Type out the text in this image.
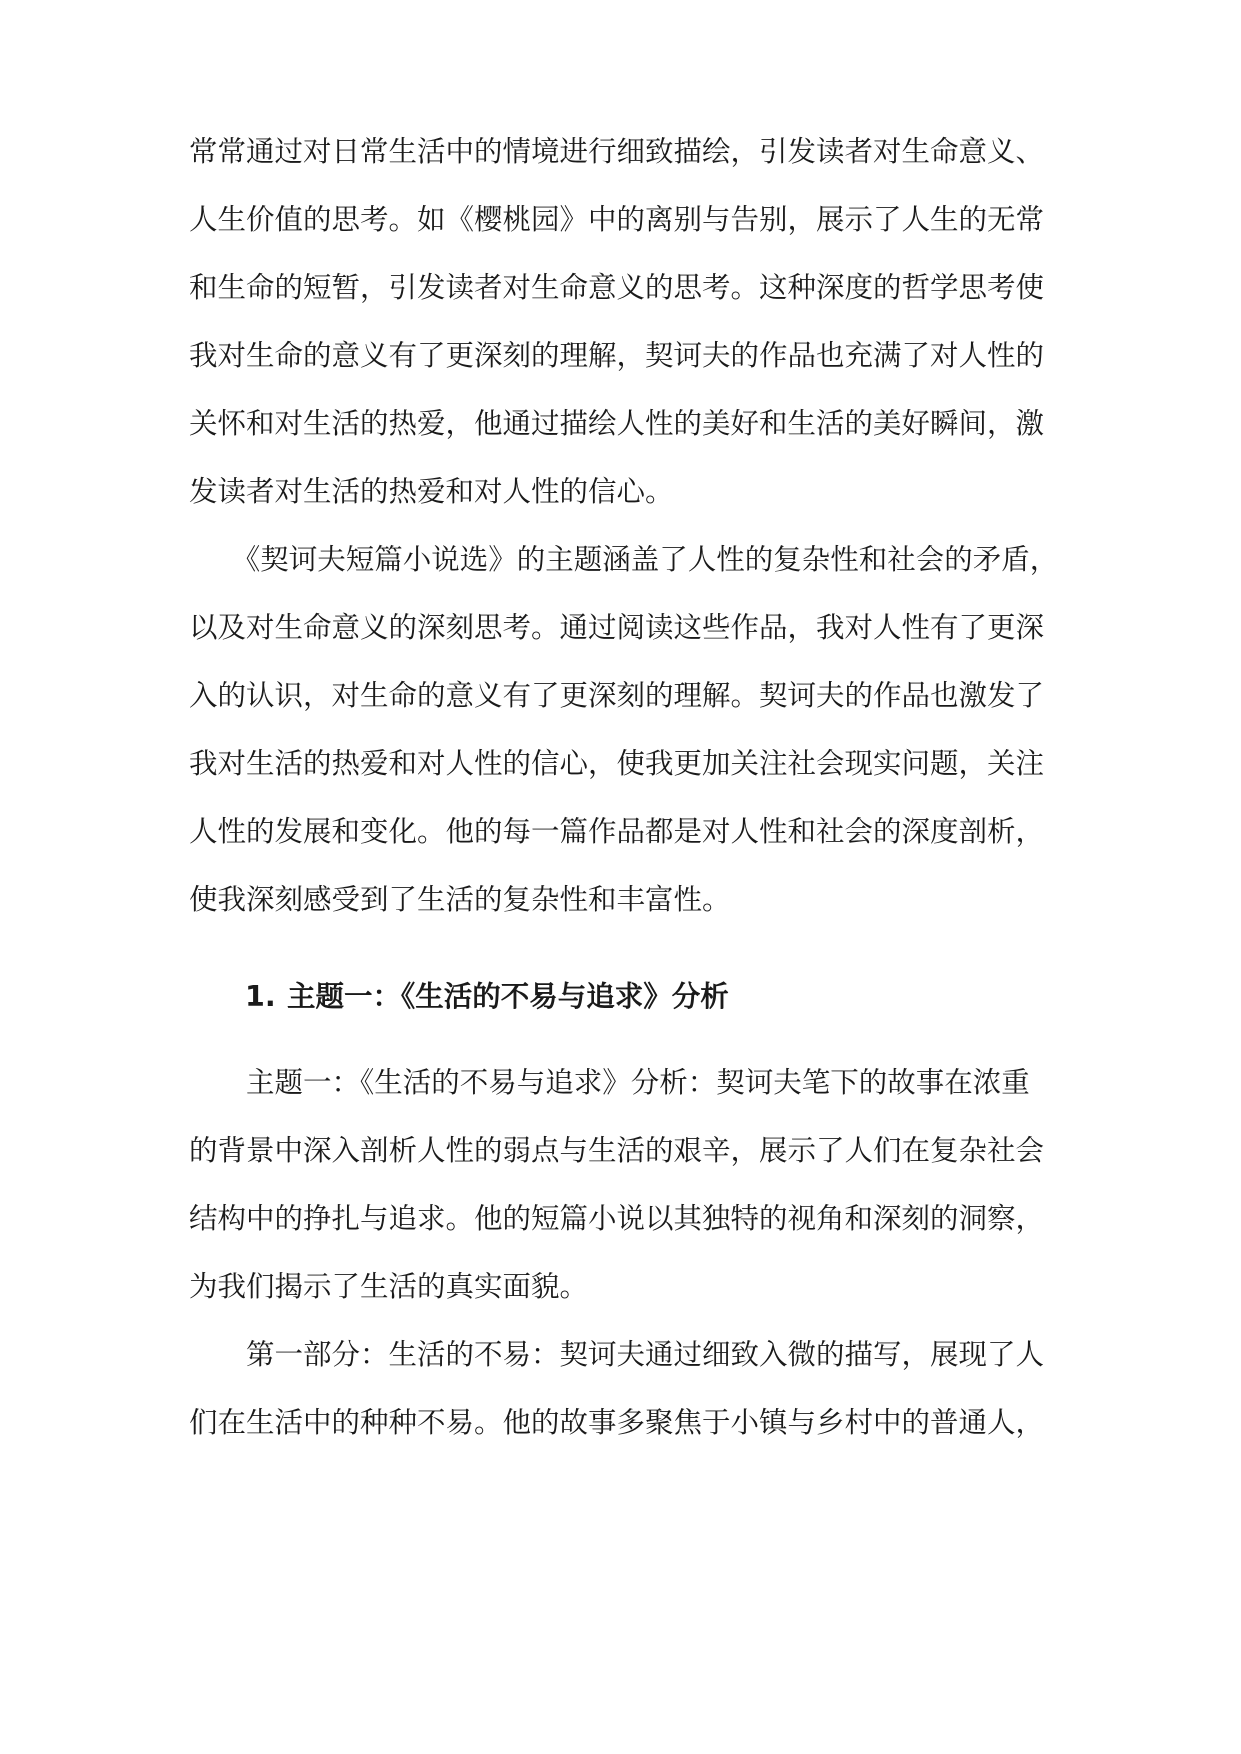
常常通过对日常生活中的情境进行细致描绘，引发读者对生命意义、
人生价值的思考。如《樱桃园》中的离别与告别，展示了人生的无常
和生命的短暂，引发读者对生命意义的思考。这种深度的哲学思考使
我对生命的意义有了更深刻的理解，契诃夫的作品也充满了对人性的
关怀和对生活的热爱，他通过描绘人性的美好和生活的美好瞬间，激
发读者对生活的热爱和对人性的信心。
　　《契诃夫短篇小说选》的主题涵盖了人性的复杂性和社会的矛盾，
以及对生命意义的深刻思考。通过阅读这些作品，我对人性有了更深
入的认识，对生命的意义有了更深刻的理解。契诃夫的作品也激发了
我对生活的热爱和对人性的信心，使我更加关注社会现实问题，关注
人性的发展和变化。他的每一篇作品都是对人性和社会的深度剖析，
使我深刻感受到了生活的复杂性和丰富性。
1. 主题一：《生活的不易与追求》分析
　　主题一：《生活的不易与追求》分析：契诃夫笔下的故事在浓重
的背景中深入剖析人性的弱点与生活的艰辛，展示了人们在复杂社会
结构中的挣扎与追求。他的短篇小说以其独特的视角和深刻的洞察，
为我们揭示了生活的真实面貌。
　　第一部分：生活的不易：契诃夫通过细致入微的描写，展现了人
们在生活中的种种不易。他的故事多聚焦于小镇与乡村中的普通人，
